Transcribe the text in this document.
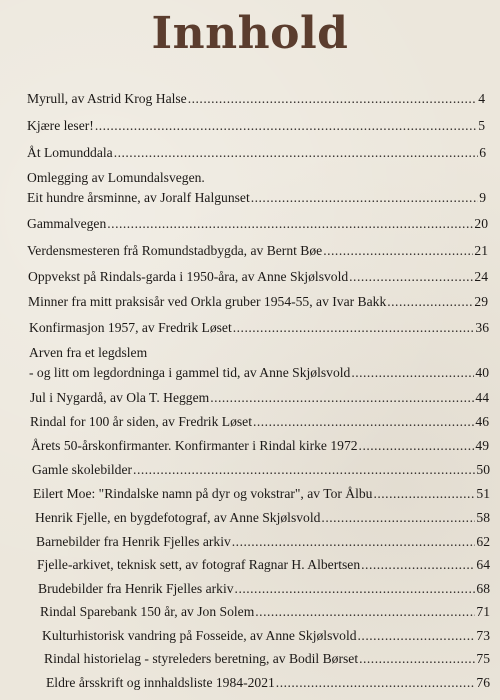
Innhold
Myrull, av Astrid Krog Halse .....	4
Kjære leser! .....	5
Åt Lomunddala .....	6
Omlegging av Lomundalsvegen.
Eit hundre årsminne, av Joralf Halgunset .....	9
Gammalvegen .....	20
Verdensmesteren frå Romundstadbygda, av Bernt Bøe .....	21
Oppvekst på Rindals-garda i 1950-åra, av Anne Skjølsvold .....	24
Minner fra mitt praksisår ved Orkla gruber 1954-55, av Ivar Bakk .....	29
Konfirmasjon 1957, av Fredrik Løset .....	36
Arven fra et legdslem
- og litt om legdordninga i gammel tid, av Anne Skjølsvold .....	40
Jul i Nygardå, av Ola T. Heggem .....	44
Rindal for 100 år siden, av Fredrik Løset .....	46
Årets 50-årskonfirmanter. Konfirmanter i Rindal kirke 1972 .....	49
Gamle skolebilder .....	50
Eilert Moe: "Rindalske namn på dyr og vokstrar", av Tor Ålbu .....	51
Henrik Fjelle, en bygdefotograf, av Anne Skjølsvold .....	58
Barnebilder fra Henrik Fjelles arkiv .....	62
Fjelle-arkivet, teknisk sett, av fotograf Ragnar H. Albertsen .....	64
Brudebilder fra Henrik Fjelles arkiv .....	68
Rindal Sparebank 150 år, av Jon Solem .....	71
Kulturhistorisk vandring på Fosseide, av Anne Skjølsvold .....	73
Rindal historielag - styreleders beretning, av Bodil Børset .....	75
Eldre årsskrift og innhaldsliste 1984-2021 .....	76
